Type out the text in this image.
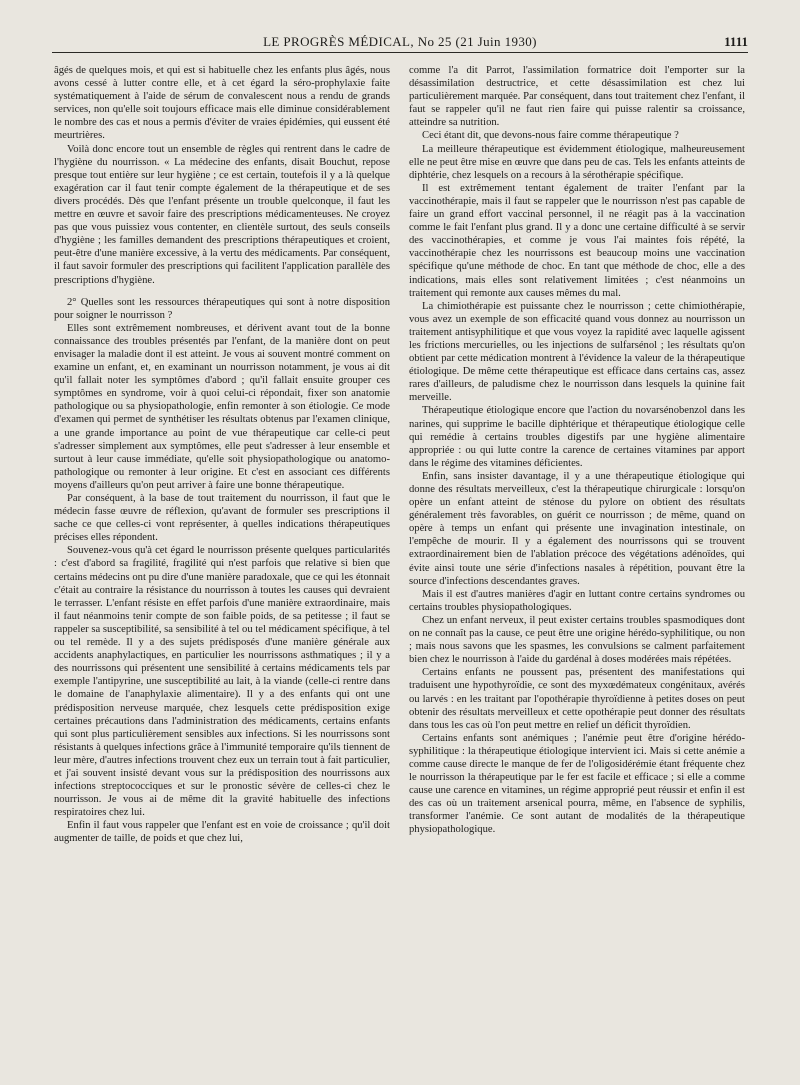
LE PROGRÈS MÉDICAL, No 25 (21 Juin 1930)	1111

âgés de quelques mois, et qui est si habituelle chez les enfants plus âgés, nous avons cessé à lutter contre elle, et à cet égard la séro-prophylaxie faite systématiquement à l'aide de sérum de convalescent nous a rendu de grands services, non qu'elle soit toujours efficace mais elle diminue considérablement le nombre des cas et nous a permis d'éviter de vraies épidémies, qui eussent été meurtrières.

Voilà donc encore tout un ensemble de règles qui rentrent dans le cadre de l'hygiène du nourrisson. « La médecine des enfants, disait Bouchut, repose presque tout entière sur leur hygiène ; ce est certain, toutefois il y a là quelque exagération car il faut tenir compte également de la thérapeutique et de ses divers procédés. Dès que l'enfant présente un trouble quelconque, il faut les mettre en œuvre et savoir faire des prescriptions médicamenteuses. Ne croyez pas que vous puissiez vous contenter, en clientèle surtout, des seuls conseils d'hygiène ; les familles demandent des prescriptions thérapeutiques et croient, peut-être d'une manière excessive, à la vertu des médicaments. Par conséquent, il faut savoir formuler des prescriptions qui facilitent l'application parallèle des prescriptions d'hygiène.

2° Quelles sont les ressources thérapeutiques qui sont à notre disposition pour soigner le nourrisson ?

Elles sont extrêmement nombreuses, et dérivent avant tout de la bonne connaissance des troubles présentés par l'enfant, de la manière dont on peut envisager la maladie dont il est atteint. Je vous ai souvent montré comment on examine un enfant, et, en examinant un nourrisson notamment, je vous ai dit qu'il fallait noter les symptômes d'abord ; qu'il fallait ensuite grouper ces symptômes en syndrome, voir à quoi celui-ci répondait, fixer son anatomie pathologique ou sa physiopathologie, enfin remonter à son étiologie. Ce mode d'examen qui permet de synthétiser les résultats obtenus par l'examen clinique, a une grande importance au point de vue thérapeutique car celle-ci peut s'adresser simplement aux symptômes, elle peut s'adresser à leur ensemble et surtout à leur cause immédiate, qu'elle soit physiopathologique ou anatomo-pathologique ou remonter à leur origine. Et c'est en associant ces différents moyens d'ailleurs qu'on peut arriver à faire une bonne thérapeutique.

Par conséquent, à la base de tout traitement du nourrisson, il faut que le médecin fasse œuvre de réflexion, qu'avant de formuler ses prescriptions il sache ce que celles-ci vont représenter, à quelles indications thérapeutiques précises elles répondent.

Souvenez-vous qu'à cet égard le nourrisson présente quelques particularités : c'est d'abord sa fragilité, fragilité qui n'est parfois que relative si bien que certains médecins ont pu dire d'une manière paradoxale, que ce qui les étonnait c'était au contraire la résistance du nourrisson à toutes les causes qui devraient le terrasser. L'enfant résiste en effet parfois d'une manière extraordinaire, mais il faut néanmoins tenir compte de son faible poids, de sa petitesse ; il faut se rappeler sa susceptibilité, sa sensibilité à tel ou tel médicament spécifique, à tel ou tel remède. Il y a des sujets prédisposés d'une manière générale aux accidents anaphylactiques, en particulier les nourrissons asthmatiques ; il y a des nourrissons qui présentent une sensibilité à certains médicaments tels par exemple l'antipyrine, une susceptibilité au lait, à la viande (celle-ci rentre dans le domaine de l'anaphylaxie alimentaire). Il y a des enfants qui ont une prédisposition nerveuse marquée, chez lesquels cette prédisposition exige certaines précautions dans l'administration des médicaments, certains enfants qui sont plus particulièrement sensibles aux infections. Si les nourrissons sont résistants à quelques infections grâce à l'immunité temporaire qu'ils tiennent de leur mère, d'autres infections trouvent chez eux un terrain tout à fait particulier, et j'ai souvent insisté devant vous sur la prédisposition des nourrissons aux infections streptococciques et sur le pronostic sévère de celles-ci chez le nourrisson. Je vous ai de même dit la gravité habituelle des infections respiratoires chez lui.

Enfin il faut vous rappeler que l'enfant est en voie de croissance ; qu'il doit augmenter de taille, de poids et que chez lui,

comme l'a dit Parrot, l'assimilation formatrice doit l'emporter sur la désassimilation destructrice, et cette désassimilation est chez lui particulièrement marquée. Par conséquent, dans tout traitement chez l'enfant, il faut se rappeler qu'il ne faut rien faire qui puisse ralentir sa croissance, atteindre sa nutrition.

Ceci étant dit, que devons-nous faire comme thérapeutique ?

La meilleure thérapeutique est évidemment étiologique, malheureusement elle ne peut être mise en œuvre que dans peu de cas. Tels les enfants atteints de diphtérie, chez lesquels on a recours à la sérothérapie spécifique.

Il est extrêmement tentant également de traiter l'enfant par la vaccinothérapie, mais il faut se rappeler que le nourrisson n'est pas capable de faire un grand effort vaccinal personnel, il ne réagit pas à la vaccination comme le fait l'enfant plus grand. Il y a donc une certaine difficulté à se servir des vaccinothérapies, et comme je vous l'ai maintes fois répété, la vaccinothérapie chez les nourrissons est beaucoup moins une vaccination spécifique qu'une méthode de choc. En tant que méthode de choc, elle a des indications, mais elles sont relativement limitées ; c'est néanmoins un traitement qui remonte aux causes mêmes du mal.

La chimiothérapie est puissante chez le nourrisson ; cette chimiothérapie, vous avez un exemple de son efficacité quand vous donnez au nourrisson un traitement antisyphilitique et que vous voyez la rapidité avec laquelle agissent les frictions mercurielles, ou les injections de sulfarsénol ; les résultats qu'on obtient par cette médication montrent à l'évidence la valeur de la thérapeutique étiologique. De même cette thérapeutique est efficace dans certains cas, assez rares d'ailleurs, de paludisme chez le nourrisson dans lesquels la quinine fait merveille.

Thérapeutique étiologique encore que l'action du novarsénobenzol dans les narines, qui supprime le bacille diphtérique et thérapeutique étiologique celle qui remédie à certains troubles digestifs par une hygiène alimentaire appropriée : ou qui lutte contre la carence de certaines vitamines par apport dans le régime des vitamines déficientes.

Enfin, sans insister davantage, il y a une thérapeutique étiologique qui donne des résultats merveilleux, c'est la thérapeutique chirurgicale : lorsqu'on opère un enfant atteint de sténose du pylore on obtient des résultats généralement très favorables, on guérit ce nourrisson ; de même, quand on opère à temps un enfant qui présente une invagination intestinale, on l'empêche de mourir. Il y a également des nourrissons qui se trouvent extraordinairement bien de l'ablation précoce des végétations adénoïdes, qui évite ainsi toute une série d'infections nasales à répétition, pouvant être la source d'infections descendantes graves.

Mais il est d'autres manières d'agir en luttant contre certains syndromes ou certains troubles physiopathologiques.

Chez un enfant nerveux, il peut exister certains troubles spasmodiques dont on ne connaît pas la cause, ce peut être une origine hérédo-syphilitique, ou non ; mais nous savons que les spasmes, les convulsions se calment parfaitement bien chez le nourrisson à l'aide du gardénal à doses modérées mais répétées.

Certains enfants ne poussent pas, présentent des manifestations qui traduisent une hypothyroïdie, ce sont des myxœdémateux congénitaux, avérés ou larvés : en les traitant par l'opothérapie thyroïdienne à petites doses on peut obtenir des résultats merveilleux et cette opothérapie peut donner des résultats dans tous les cas où l'on peut mettre en relief un déficit thyroïdien.

Certains enfants sont anémiques ; l'anémie peut être d'origine hérédo-syphilitique : la thérapeutique étiologique intervient ici. Mais si cette anémie a comme cause directe le manque de fer de l'oligosidérémie étant fréquente chez le nourrisson la thérapeutique par le fer est facile et efficace ; si elle a comme cause une carence en vitamines, un régime approprié peut réussir et enfin il est des cas où un traitement arsenical pourra, même, en l'absence de syphilis, transformer l'anémie. Ce sont autant de modalités de la thérapeutique physiopathologique.
